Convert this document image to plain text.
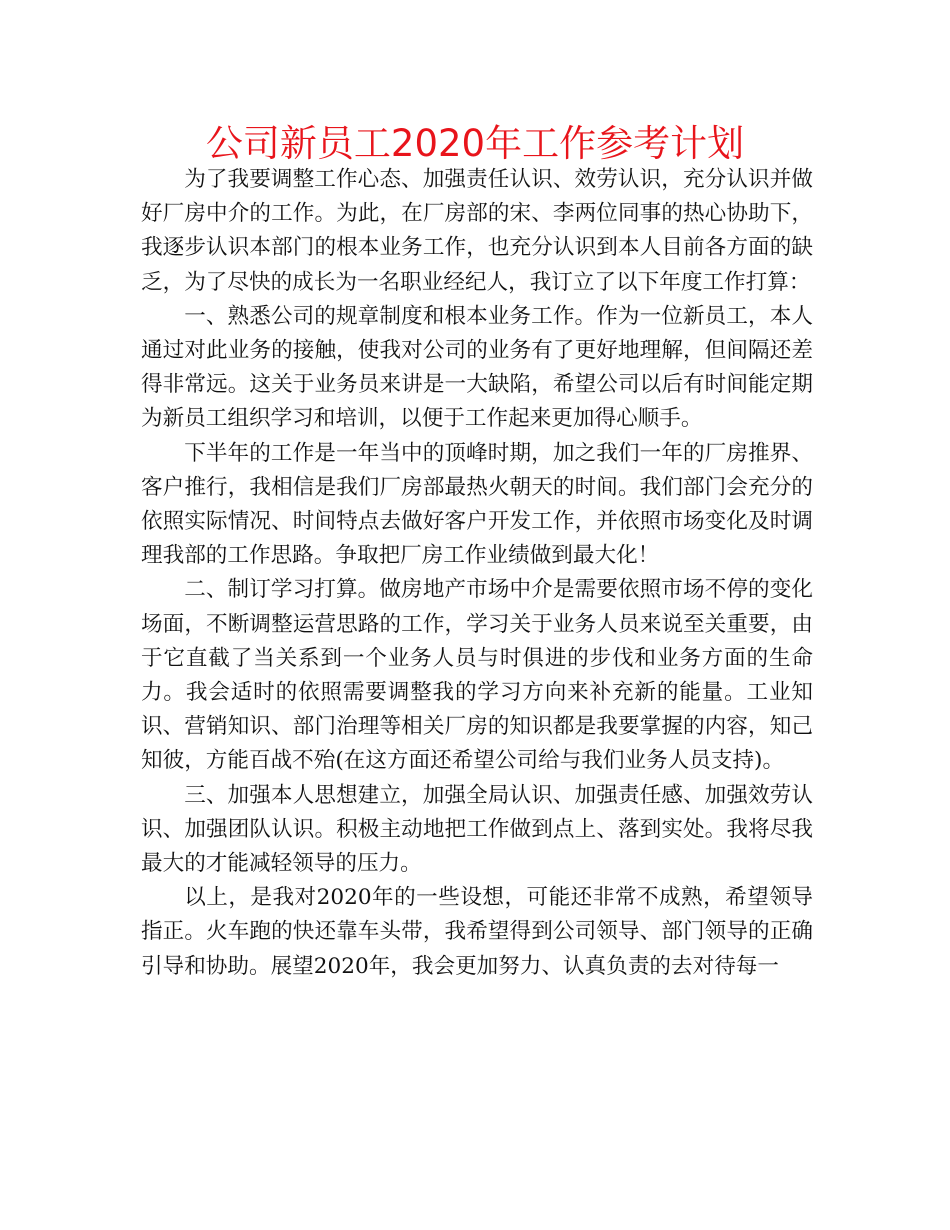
公司新员工2020年工作参考计划

为了我要调整工作心态、加强责任认识、效劳认识，充分认识并做好厂房中介的工作。为此，在厂房部的宋、李两位同事的热心协助下，我逐步认识本部门的根本业务工作，也充分认识到本人目前各方面的缺乏，为了尽快的成长为一名职业经纪人，我订立了以下年度工作打算：

一、熟悉公司的规章制度和根本业务工作。作为一位新员工，本人通过对此业务的接触，使我对公司的业务有了更好地理解，但间隔还差得非常远。这关于业务员来讲是一大缺陷，希望公司以后有时间能定期为新员工组织学习和培训，以便于工作起来更加得心顺手。

下半年的工作是一年当中的顶峰时期，加之我们一年的厂房推界、客户推行，我相信是我们厂房部最热火朝天的时间。我们部门会充分的依照实际情况、时间特点去做好客户开发工作，并依照市场变化及时调理我部的工作思路。争取把厂房工作业绩做到最大化！

二、制订学习打算。做房地产市场中介是需要依照市场不停的变化场面，不断调整运营思路的工作，学习关于业务人员来说至关重要，由于它直截了当关系到一个业务人员与时俱进的步伐和业务方面的生命力。我会适时的依照需要调整我的学习方向来补充新的能量。工业知识、营销知识、部门治理等相关厂房的知识都是我要掌握的内容，知己知彼，方能百战不殆(在这方面还希望公司给与我们业务人员支持)。

三、加强本人思想建立，加强全局认识、加强责任感、加强效劳认识、加强团队认识。积极主动地把工作做到点上、落到实处。我将尽我最大的才能减轻领导的压力。

以上，是我对2020年的一些设想，可能还非常不成熟，希望领导指正。火车跑的快还靠车头带，我希望得到公司领导、部门领导的正确引导和协助。展望2020年，我会更加努力、认真负责的去对待每一
